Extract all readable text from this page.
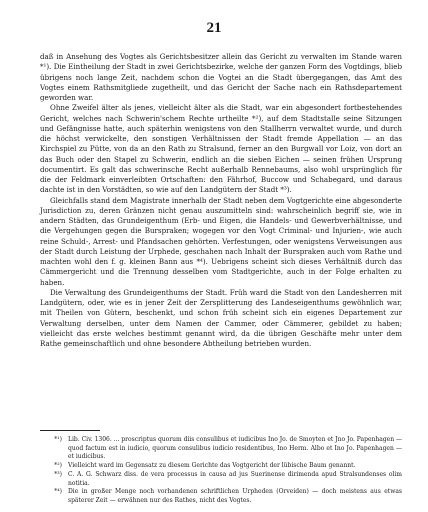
21

daß in Ansehung des Vogtes als Gerichtsbesitzer allein das Gericht zu verwalten im Stande waren *¹). Die Eintheilung der Stadt in zwei Gerichtsbezirke, welche der ganzen Form des Vogtdings, blieb übrigens noch lange Zeit, nachdem schon die Vogtei an die Stadt übergegangen, das Amt des Vogtes einem Rathsmitgliede zugetheilt, und das Gericht der Sache nach ein Rathsdepartement geworden war.

Ohne Zweifel älter als jenes, vielleicht älter als die Stadt, war ein abgesondert fortbestehendes Gericht, welches nach Schwerin'schem Rechte urtheilte *²), auf dem Stadtstalle seine Sitzungen und Gefängnisse hatte, auch späterhin wenigstens von den Stallherrn verwaltet wurde, und durch die höchst verwickelte, den sonstigen Verhältnissen der Stadt fremde Appellation — an das Kirchspiel zu Pütte, von da an den Rath zu Stralsund, ferner an den Burgwall vor Loiz, von dort an das Buch oder den Stapel zu Schwerin, endlich an die sieben Eichen — seinen frühen Ursprung documentirt. Es galt das schwerinsche Recht außerhalb Rennebaums, also wohl ursprünglich für die der Feldmark einverleibten Ortschaften: den Fährhof, Buccow und Schabegard, und daraus dachte ist in den Vorstädten, so wie auf den Landgütern der Stadt *³).

Gleichfalls stand dem Magistrate innerhalb der Stadt neben dem Vogtgerichte eine abgesonderte Jurisdiction zu, deren Gränzen nicht genau auszumitteln sind: wahrscheinlich begriff sie, wie in andern Städten, das Grundeigenthum (Erb- und Eigen, die Handels- und Gewerbverhältnisse, und die Vergehungen gegen die Burspraken; wogegen vor den Vogt Criminal- und Injurien-, wie auch reine Schuld-, Arrest- und Pfandsachen gehörten. Verfestungen, oder wenigstens Verweisungen aus der Stadt durch Leistung der Urphede, geschahen nach Inhalt der Burspraken auch vom Rathe und machten wohl den f. g. kleinen Bann aus *⁴). Uebrigens scheint sich dieses Verhältniß durch das Cämmergericht und die Trennung desselben vom Stadtgerichte, auch in der Folge erhalten zu haben.

Die Verwaltung des Grundeigenthums der Stadt. Früh ward die Stadt von den Landesherren mit Landgütern, oder, wie es in jener Zeit der Zersplitterung des Landeseigenthums gewöhnlich war, mit Theilen von Gütern, beschenkt, und schon früh scheint sich ein eigenes Departement zur Verwaltung derselben, unter dem Namen der Cammer, oder Cämmerer, gebildet zu haben; vielleicht das erste welches bestimmt genannt wird, da die übrigen Geschäfte mehr unter dem Rathe gemeinschaftlich und ohne besondere Abtheilung betrieben wurden.

*¹)	Lib. Civ. 1306. ... proscriptus quorum diis consulibus et iudicibus Ino Jo. de Smoyten et Jno Jo. Papenhagen — quod factum est in iudicio, quorum consulibus iudicio residentibus, Ino Herm. Albo et Ino Jo. Papenhagen — et iudicibus.
*²)	Vielleicht ward im Gegensatz zu diesem Gerichte das Vogtgericht der lübische Baum genannt.
*³)	C. A. G. Schwarz diss. de vera processus in causa ad jus Suerinense dirimenda apud Stralsundenses olim notitia.
*⁴)	Die in großer Menge noch vorhandenen schriftlichen Urpheden (Orveiden) — doch meistens aus etwas späterer Zeit — erwähnen nur des Rathes, nicht des Vogtes.
